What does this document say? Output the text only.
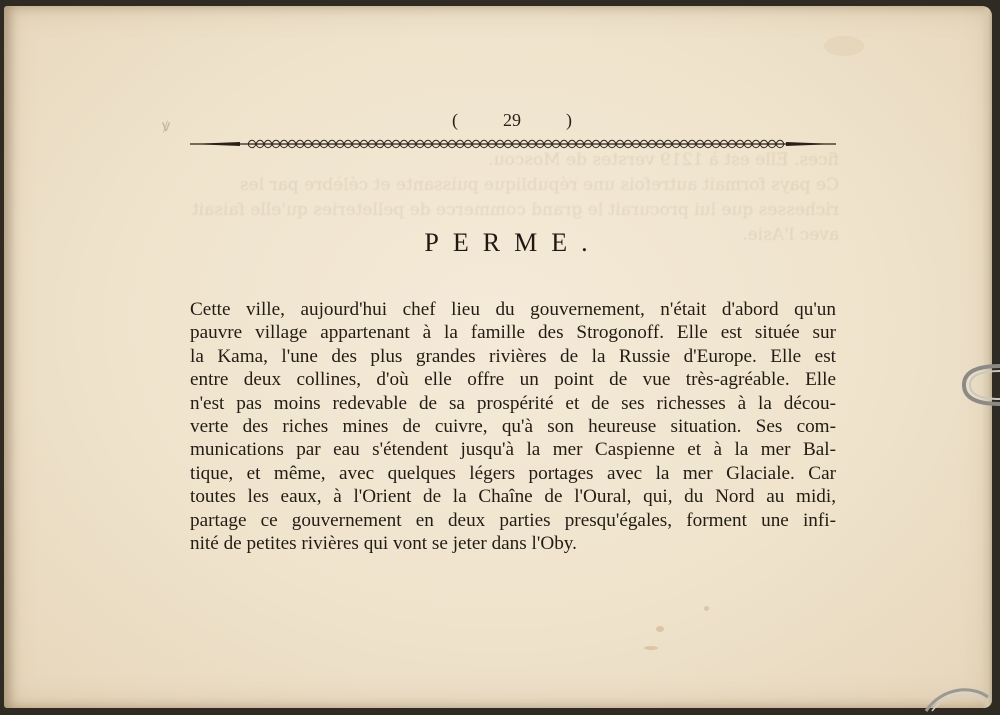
ꝟ
fices. Elle est à 1219 verstes de Moscou.
Ce pays formait autrefois une république puissante et célèbre par les
richesses que lui procurait le grand commerce de pelleteries qu'elle faisait
avec l'Asie.
(	29	)
PERME.
Cette ville, aujourd'hui chef lieu du gouvernement, n'était d'abord qu'un
pauvre village appartenant à la famille des Strogonoff. Elle est située sur
la Kama, l'une des plus grandes rivières de la Russie d'Europe. Elle est
entre deux collines, d'où elle offre un point de vue très-agréable. Elle
n'est pas moins redevable de sa prospérité et de ses richesses à la décou-
verte des riches mines de cuivre, qu'à son heureuse situation. Ses com-
munications par eau s'étendent jusqu'à la mer Caspienne et à la mer Bal-
tique, et même, avec quelques légers portages avec la mer Glaciale. Car
toutes les eaux, à l'Orient de la Chaîne de l'Oural, qui, du Nord au midi,
partage ce gouvernement en deux parties presqu'égales, forment une infi-
nité de petites rivières qui vont se jeter dans l'Oby.
